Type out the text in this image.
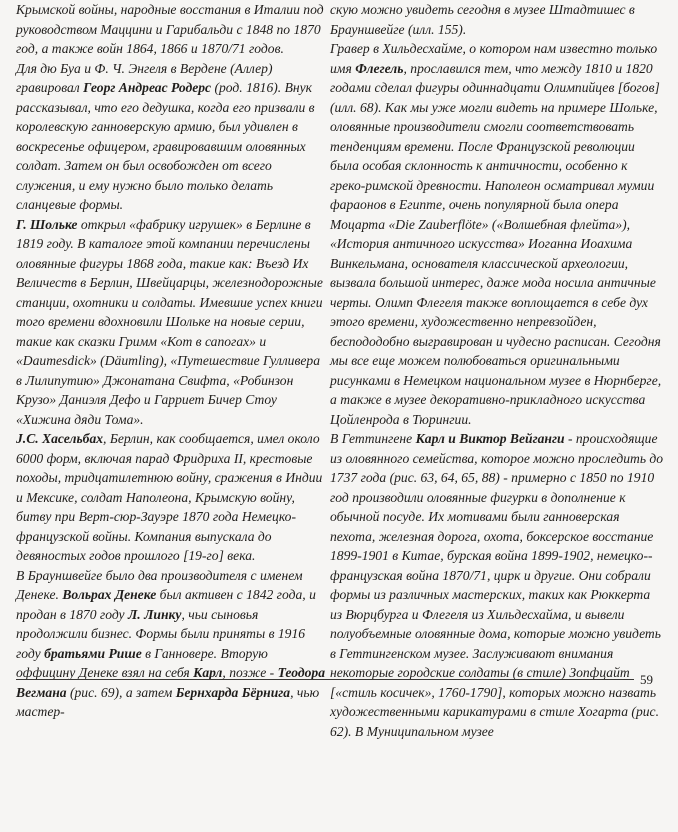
Крымской войны, народные восстания в Италии под руководством Маццини и Гарибальди с 1848 по 1870 год, а также войн 1864, 1866 и 1870/71 годов.

Для дю Буа и Ф. Ч. Энгеля в Вердене (Аллер) гравировал Георг Андреас Родерс (род. 1816). Внук рассказывал, что его дедушка, когда его призвали в королевскую ганноверскую армию, был удивлен в воскресенье офицером, гравировавшим оловянных солдат. Затем он был освобожден от всего служения, и ему нужно было только делать сланцевые формы.

Г. Шольке открыл «фабрику игрушек» в Берлине в 1819 году. В каталоге этой компании перечислены оловянные фигуры 1868 года, такие как: Въезд Их Величеств в Берлин, Швейцарцы, железнодорожные станции, охотники и солдаты. Имевшие успех книги того времени вдохновили Шольке на новые серии, такие как сказки Гримм «Кот в сапогах» и «Daumesdick» (Däumling), «Путешествие Гулливера в Лилипутию» Джонатана Свифта, «Робинзон Крузо» Даниэля Дефо и Гарриет Бичер Стоу «Хижина дяди Тома».

J.C. Хасельбах, Берлин, как сообщается, имел около 6000 форм, включая парад Фридриха II, крестовые походы, тридцатилетнюю войну, сражения в Индии и Мексике, солдат Наполеона, Крымскую войну, битву при Верт-сюр-Зауэре 1870 года Немецко-французской войны. Компания выпускала до девяностых годов прошлого [19-го] века.

В Брауншвейге было два производителя с именем Денеке. Вольрах Денеке был активен с 1842 года, и продан в 1870 году Л. Линку, чьи сыновья продолжили бизнес. Формы были приняты в 1916 году братьями Рише в Ганновере. Вторую оффицину Денеке взял на себя Карл, позже - Теодора Вегмана (рис. 69), а затем Бернхарда Бёрнига, чью мастер-

скую можно увидеть сегодня в музее Штадтишес в Брауншвейге (илл. 155).

Гравер в Хильдесхайме, о котором нам известно только имя Флегель, прославился тем, что между 1810 и 1820 годами сделал фигуры одиннадцати Олимпийцев [богов] (илл. 68). Как мы уже могли видеть на примере Шольке, оловянные производители смогли соответствовать тенденциям времени. После Французской революции была особая склонность к античности, особенно к греко-римской древности. Наполеон осматривал мумии фараонов в Египте, очень популярной была опера Моцарта «Die Zauberflöte» («Волшебная флейта»), «История античного искусства» Иоганна Иоахима Винкельмана, основателя классической археологии, вызвала большой интерес, даже мода носила античные черты. Олимп Флегеля также воплощается в себе дух этого времени, художественно непревзойден, беспододобно выгравирован и чудесно расписан. Сегодня мы все еще можем полюбоваться оригинальными рисунками в Немецком национальном музее в Нюрнберге, а также в музее декоративно-прикладного искусства Цойленрода в Тюрингии.

В Геттингене Карл и Виктор Вейганги - происходящие из оловянного семейства, которое можно проследить до 1737 года (рис. 63, 64, 65, 88) - примерно с 1850 по 1910 год производили оловянные фигурки в дополнение к обычной посуде. Их мотивами были ганноверская пехота, железная дорога, охота, боксерское восстание 1899-1901 в Китае, бурская война 1899-1902, немецко--французская война 1870/71, цирк и другие. Они собрали формы из различных мастерских, таких как Рюккерта из Вюрцбурга и Флегеля из Хильдесхайма, и вывели полуобъемные оловянные дома, которые можно увидеть в Геттингенском музее. Заслуживают внимания некоторые городские солдаты (в стиле) Зопфцайт [«стиль косичек», 1760-1790], которых можно назвать художественными карикатурами в стиле Хогарта (рис. 62). В Муниципальном музее

59
